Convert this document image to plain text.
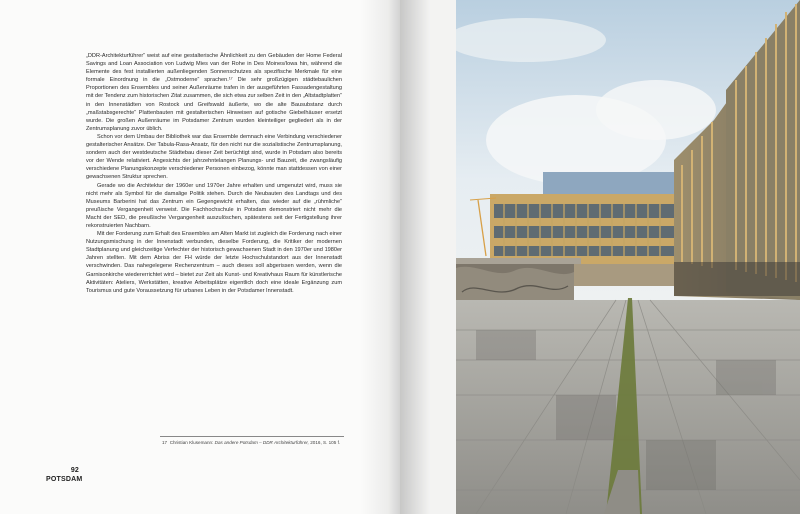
„DDR-Architekturführer“ weist auf eine gestalterische Ähnlichkeit zu den Gebäuden der Home Federal Savings and Loan Association von Ludwig Mies van der Rohe in Des Moines/Iowa hin, während die Elemente des fest installierten außenliegenden Sonnenschutzes als spezifische Merkmale für eine formale Einordnung in die „Ostmoderne“ sprachen.¹⁷ Die sehr großzügigen städtebaulichen Proportionen des Ensembles und seiner Außenräume trafen in der ausgeführten Fassadengestaltung mit der Tendenz zum historischen Zitat zusammen, die sich etwa zur selben Zeit in den „Altstadtplatten“ in den Innenstädten von Rostock und Greifswald äußerte, wo die alte Bausubstanz durch „maßstabsgerechte“ Plattenbauten mit gestalterischen Hinweisen auf gotische Giebelhäuser ersetzt wurde. Die großen Außenräume im Potsdamer Zentrum wurden kleinteiliger gegliedert als in der Zentrumsplanung zuvor üblich.

Schon vor dem Umbau der Bibliothek war das Ensemble demnach eine Verbindung verschiedener gestalterischer Ansätze. Der Tabula-Rasa-Ansatz, für den nicht nur die sozialistische Zentrumsplanung, sondern auch der westdeutsche Städtebau dieser Zeit berüchtigt sind, wurde in Potsdam also bereits vor der Wende relativiert. Angesichts der jahrzehntelangen Planungs- und Bauzeit, die zwangsläufig verschiedene Planungskonzepte verschiedener Personen einbezog, könnte man stattdessen von einer gewachsenen Struktur sprechen.

Gerade wo die Architektur der 1960er und 1970er Jahre erhalten und umgenutzt wird, muss sie nicht mehr als Symbol für die damalige Politik stehen. Durch die Neubauten des Landtags und des Museums Barberini hat das Zentrum ein Gegengewicht erhalten, das wieder auf die „rühmliche“ preußische Vergangenheit verweist. Die Fachhochschule in Potsdam demonstriert nicht mehr die Macht der SED, die preußische Vergangenheit auszulöschen, spätestens seit der Fertigstellung ihrer rekonstruierten Nachbarn.

Mit der Forderung zum Erhalt des Ensembles am Alten Markt ist zugleich die Forderung nach einer Nutzungsmischung in der Innenstadt verbunden, dieselbe Forderung, die Kritiker der modernen Stadtplanung und gleichzeitige Verfechter der historisch gewachsenen Stadt in den 1970er und 1980er Jahren stellten. Mit dem Abriss der FH würde der letzte Hochschulstandort aus der Innenstadt verschwinden. Das nahegelegene Rechenzentrum – auch dieses soll abgerissen werden, wenn die Garnisonkirche wiedererrichtet wird – bietet zur Zeit als Kunst- und Kreativhaus Raum für künstlerische Aktivitäten: Ateliers, Werkstätten, kreative Arbeitsplätze eigentlich doch eine ideale Ergänzung zum Tourismus und gute Voraussetzung für urbanes Leben in der Potsdamer Innenstadt.

17 Christian Klusemann: Das andere Potsdam – DDR Architekturführer, 2016, S. 105 f.
92
POTSDAM
